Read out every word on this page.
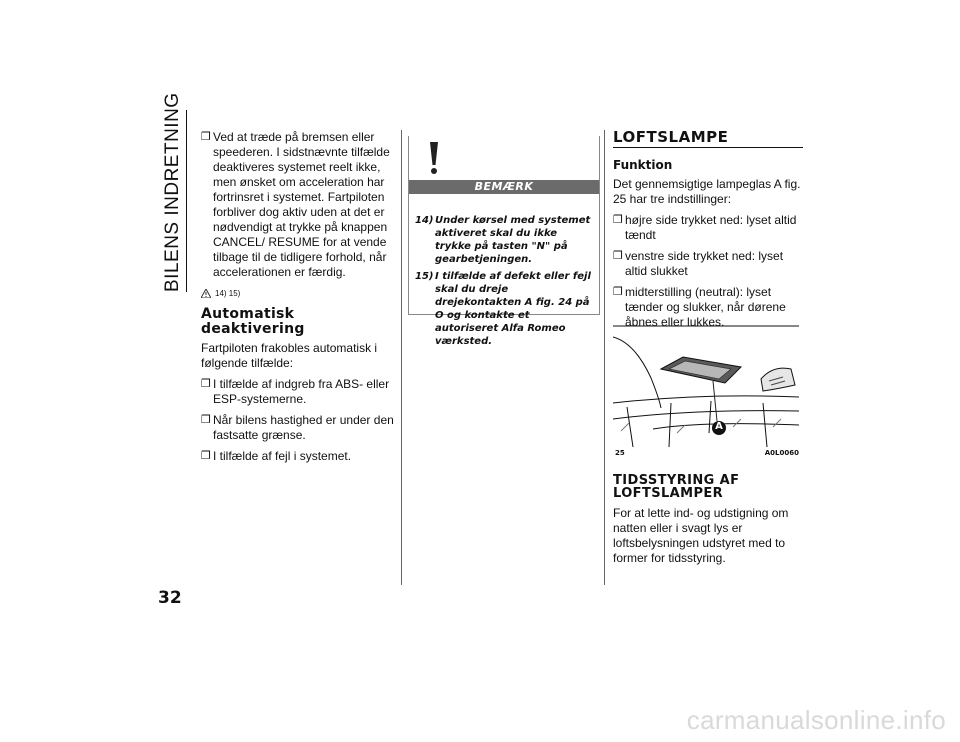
BILENS INDRETNING
32
❒ Ved at træde på bremsen eller speederen. I sidstnævnte tilfælde deaktiveres systemet reelt ikke, men ønsket om acceleration har fortrinsret i systemet. Fartpiloten forbliver dog aktiv uden at det er nødvendigt at trykke på knappen CANCEL/ RESUME for at vende tilbage til de tidligere forhold, når accelerationen er færdig.
14) 15)
Automatisk deaktivering

Fartpiloten frakobles automatisk i følgende tilfælde:

❒ I tilfælde af indgreb fra ABS- eller ESP-systemerne.
❒ Når bilens hastighed er under den fastsatte grænse.
❒ I tilfælde af fejl i systemet.
BEMÆRK
14) Under kørsel med systemet aktiveret skal du ikke trykke på tasten "N" på gearbetjeningen.
15) I tilfælde af defekt eller fejl skal du dreje drejekontakten A fig. 24 på O og kontakte et autoriseret Alfa Romeo værksted.
LOFTSLAMPE
Funktion

Det gennemsigtige lampeglas A fig. 25 har tre indstillinger:

❒ højre side trykket ned: lyset altid tændt
❒ venstre side trykket ned: lyset altid slukket
❒ midterstilling (neutral): lyset tænder og slukker, når dørene åbnes eller lukkes.
A
25	A0L0060
TIDSSTYRING AF LOFTSLAMPER

For at lette ind- og udstigning om natten eller i svagt lys er loftsbelysningen udstyret med to former for tidsstyring.

carmanualsonline.info
